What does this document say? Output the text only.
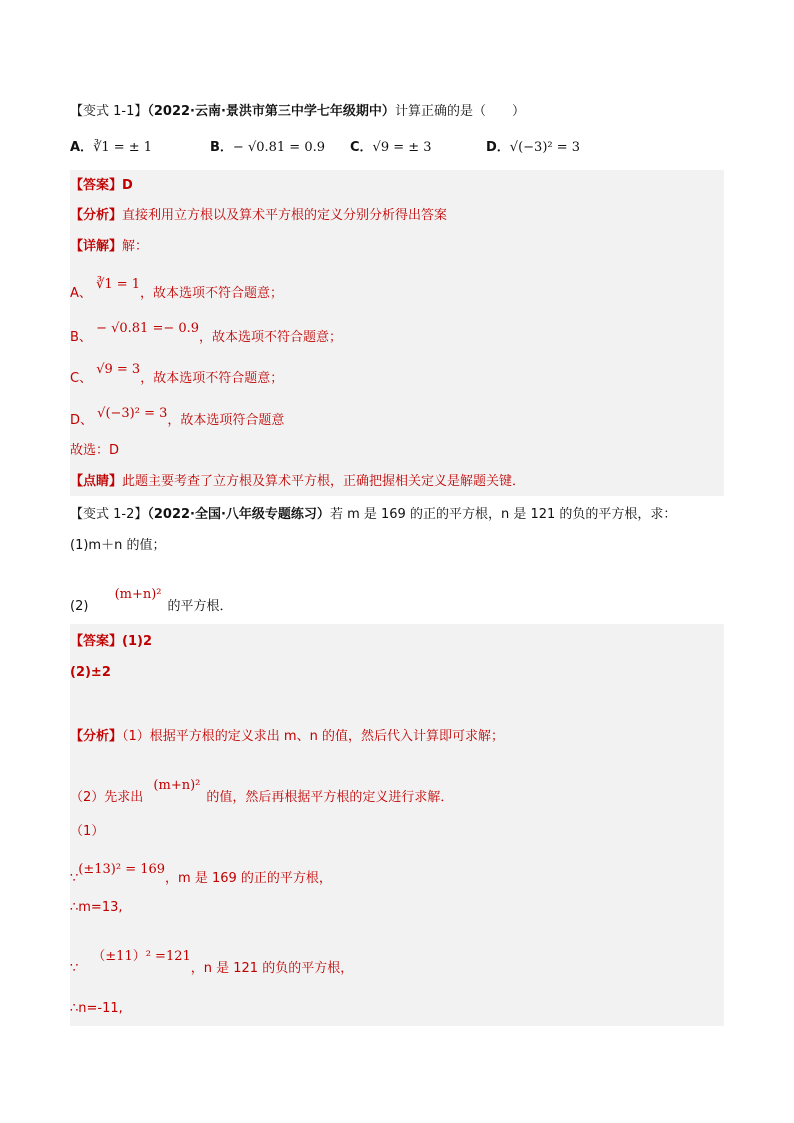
【变式 1-1】（2022·云南·景洪市第三中学七年级期中）计算正确的是（　　）
A．∛1 = ± 1	B．− √0.81 = 0.9 C．√9 = ± 3	D．√(−3)² = 3
【答案】D
【分析】直接利用立方根以及算术平方根的定义分别分析得出答案
【详解】解：
A、 ∛1 = 1，故本选项不符合题意；
B、 − √0.81 =− 0.9，故本选项不符合题意；
C、 √9 = 3，故本选项不符合题意；
D、 √(−3)² = 3，故本选项符合题意
故选：D
【点睛】此题主要考查了立方根及算术平方根，正确把握相关定义是解题关键．
【变式 1-2】（2022·全国·八年级专题练习）若 m 是 169 的正的平方根，n 是 121 的负的平方根，求：
(1)m＋n 的值；
(2) (m+n)²的平方根．
【答案】(1)2
(2)±2
【分析】（1）根据平方根的定义求出 m、n 的值，然后代入计算即可求解；
（2）先求出 (m+n)²的值，然后再根据平方根的定义进行求解．
（1）
∵(±13)² = 169，m 是 169 的正的平方根，
∴m=13,
∵（±11）² =121，n 是 121 的负的平方根，
∴n=-11,
